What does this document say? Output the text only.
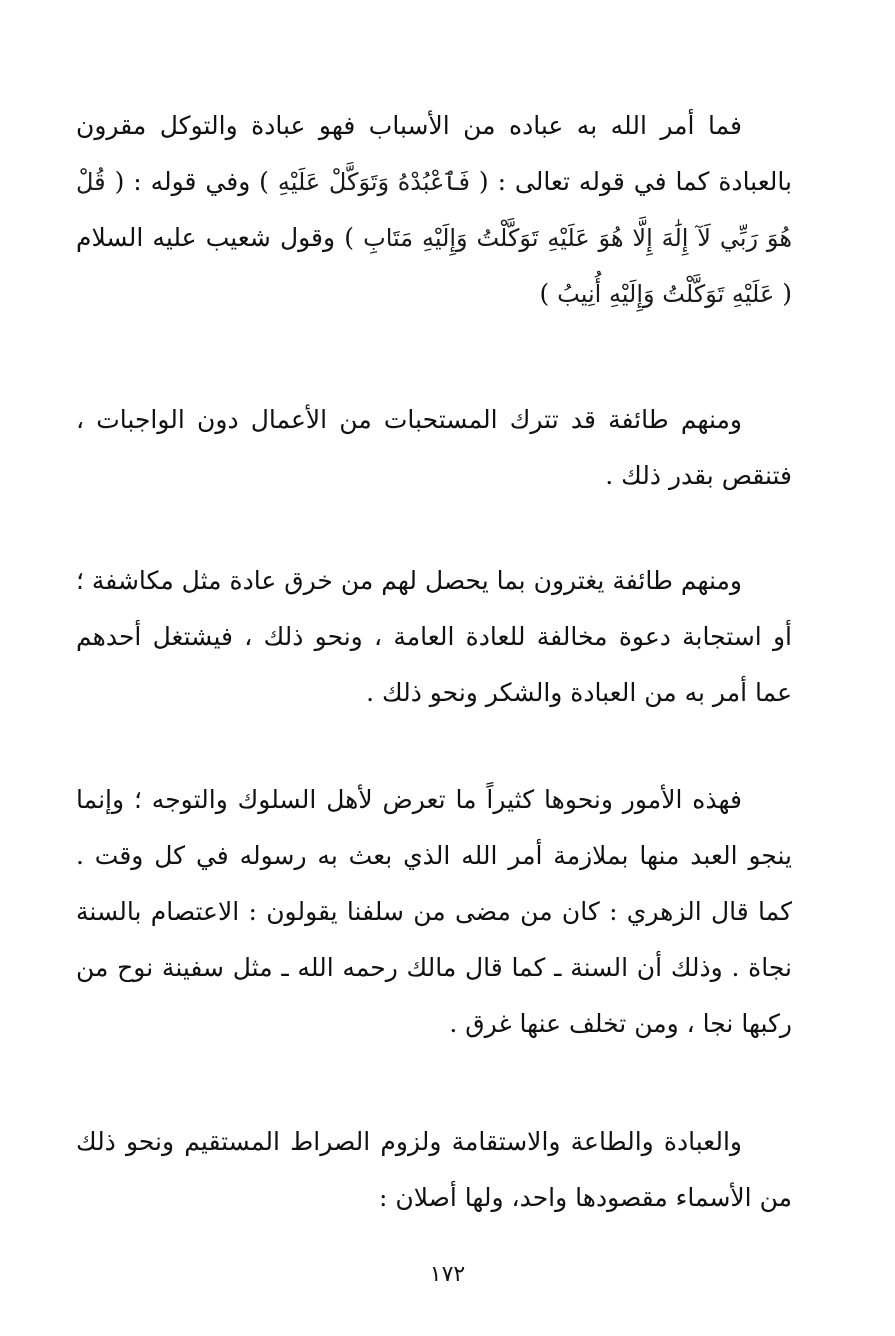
فما أمر الله به عباده من الأسباب فهو عبادة والتوكل مقرون بالعبادة كما في قوله تعالى : ( فَٱعْبُدْهُ وَتَوَكَّلْ عَلَيْهِ ) وفي قوله : ( قُلْ هُوَ رَبِّي لَآ إِلَٰهَ إِلَّا هُوَ عَلَيْهِ تَوَكَّلْتُ وَإِلَيْهِ مَتَابِ ) وقول شعيب عليه السلام ( عَلَيْهِ تَوَكَّلْتُ وَإِلَيْهِ أُنِيبُ )

ومنهم طائفة قد تترك المستحبات من الأعمال دون الواجبات ، فتنقص بقدر ذلك .

ومنهم طائفة يغترون بما يحصل لهم من خرق عادة مثل مكاشفة ؛ أو استجابة دعوة مخالفة للعادة العامة ، ونحو ذلك ، فيشتغل أحدهم عما أمر به من العبادة والشكر ونحو ذلك .

فهذه الأمور ونحوها كثيراً ما تعرض لأهل السلوك والتوجه ؛ وإنما ينجو العبد منها بملازمة أمر الله الذي بعث به رسوله في كل وقت . كما قال الزهري : كان من مضى من سلفنا يقولون : الاعتصام بالسنة نجاة . وذلك أن السنة ـ كما قال مالك رحمه الله ـ مثل سفينة نوح من ركبها نجا ، ومن تخلف عنها غرق .

والعبادة والطاعة والاستقامة ولزوم الصراط المستقيم ونحو ذلك من الأسماء مقصودها واحد، ولها أصلان :

١٧٢
